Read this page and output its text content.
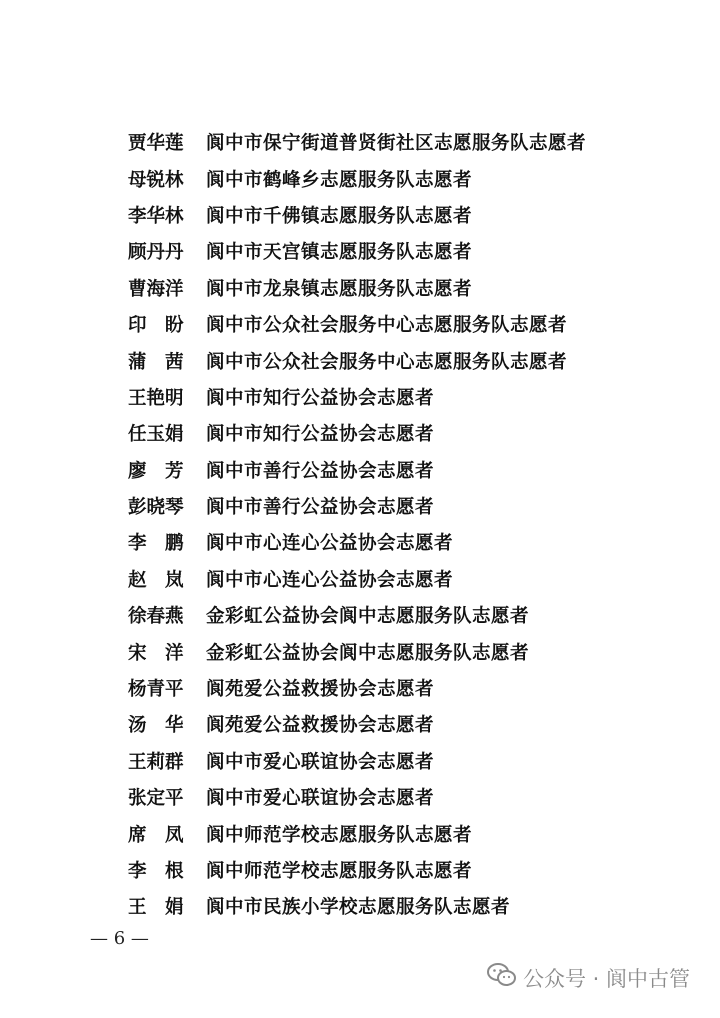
贾华莲	阆中市保宁街道普贤街社区志愿服务队志愿者
母锐林	阆中市鹤峰乡志愿服务队志愿者
李华林	阆中市千佛镇志愿服务队志愿者
顾丹丹	阆中市天宫镇志愿服务队志愿者
曹海洋	阆中市龙泉镇志愿服务队志愿者
印　盼	阆中市公众社会服务中心志愿服务队志愿者
蒲　茜	阆中市公众社会服务中心志愿服务队志愿者
王艳明	阆中市知行公益协会志愿者
任玉娟	阆中市知行公益协会志愿者
廖　芳	阆中市善行公益协会志愿者
彭晓琴	阆中市善行公益协会志愿者
李　鹏	阆中市心连心公益协会志愿者
赵　岚	阆中市心连心公益协会志愿者
徐春燕	金彩虹公益协会阆中志愿服务队志愿者
宋　洋	金彩虹公益协会阆中志愿服务队志愿者
杨青平	阆苑爱公益救援协会志愿者
汤　华	阆苑爱公益救援协会志愿者
王莉群	阆中市爱心联谊协会志愿者
张定平	阆中市爱心联谊协会志愿者
席　凤	阆中师范学校志愿服务队志愿者
李　根	阆中师范学校志愿服务队志愿者
王　娟	阆中市民族小学校志愿服务队志愿者
— 6 —
公众号 · 阆中古管
